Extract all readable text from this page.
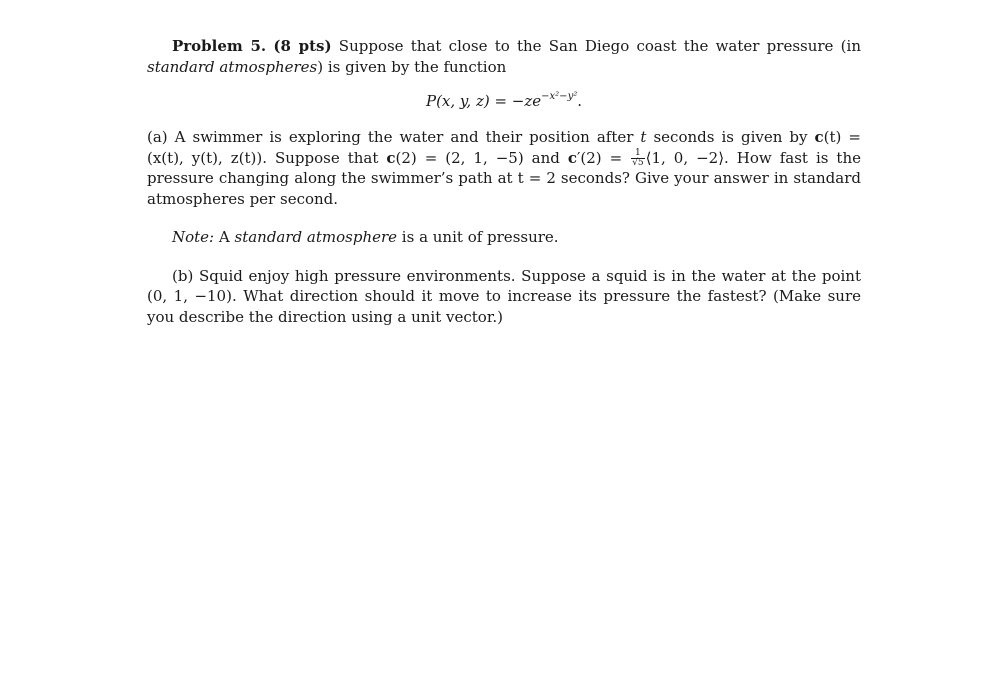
Problem 5. (8 pts) Suppose that close to the San Diego coast the water pressure (in standard atmospheres) is given by the function

P(x, y, $z) = -ze^{-x^2-y^2}$.

(a) A swimmer is exploring the water and their position after t seconds is given by c(t) = (x(t), y(t), z(t)). Suppose that c(2) = (2, 1, −5) and $c'(2) = \frac{1}{√5}$ ⟨1, 0, −2⟩. How fast is the pressure changing along the swimmer’s path at t = 2 seconds? Give your answer in standard atmospheres per second.

Note: A standard atmosphere is a unit of pressure.

(b) Squid enjoy high pressure environments. Suppose a squid is in the water at the point (0, 1, −10). What direction should it move to increase its pressure the fastest? (Make sure you describe the direction using a unit vector.)
